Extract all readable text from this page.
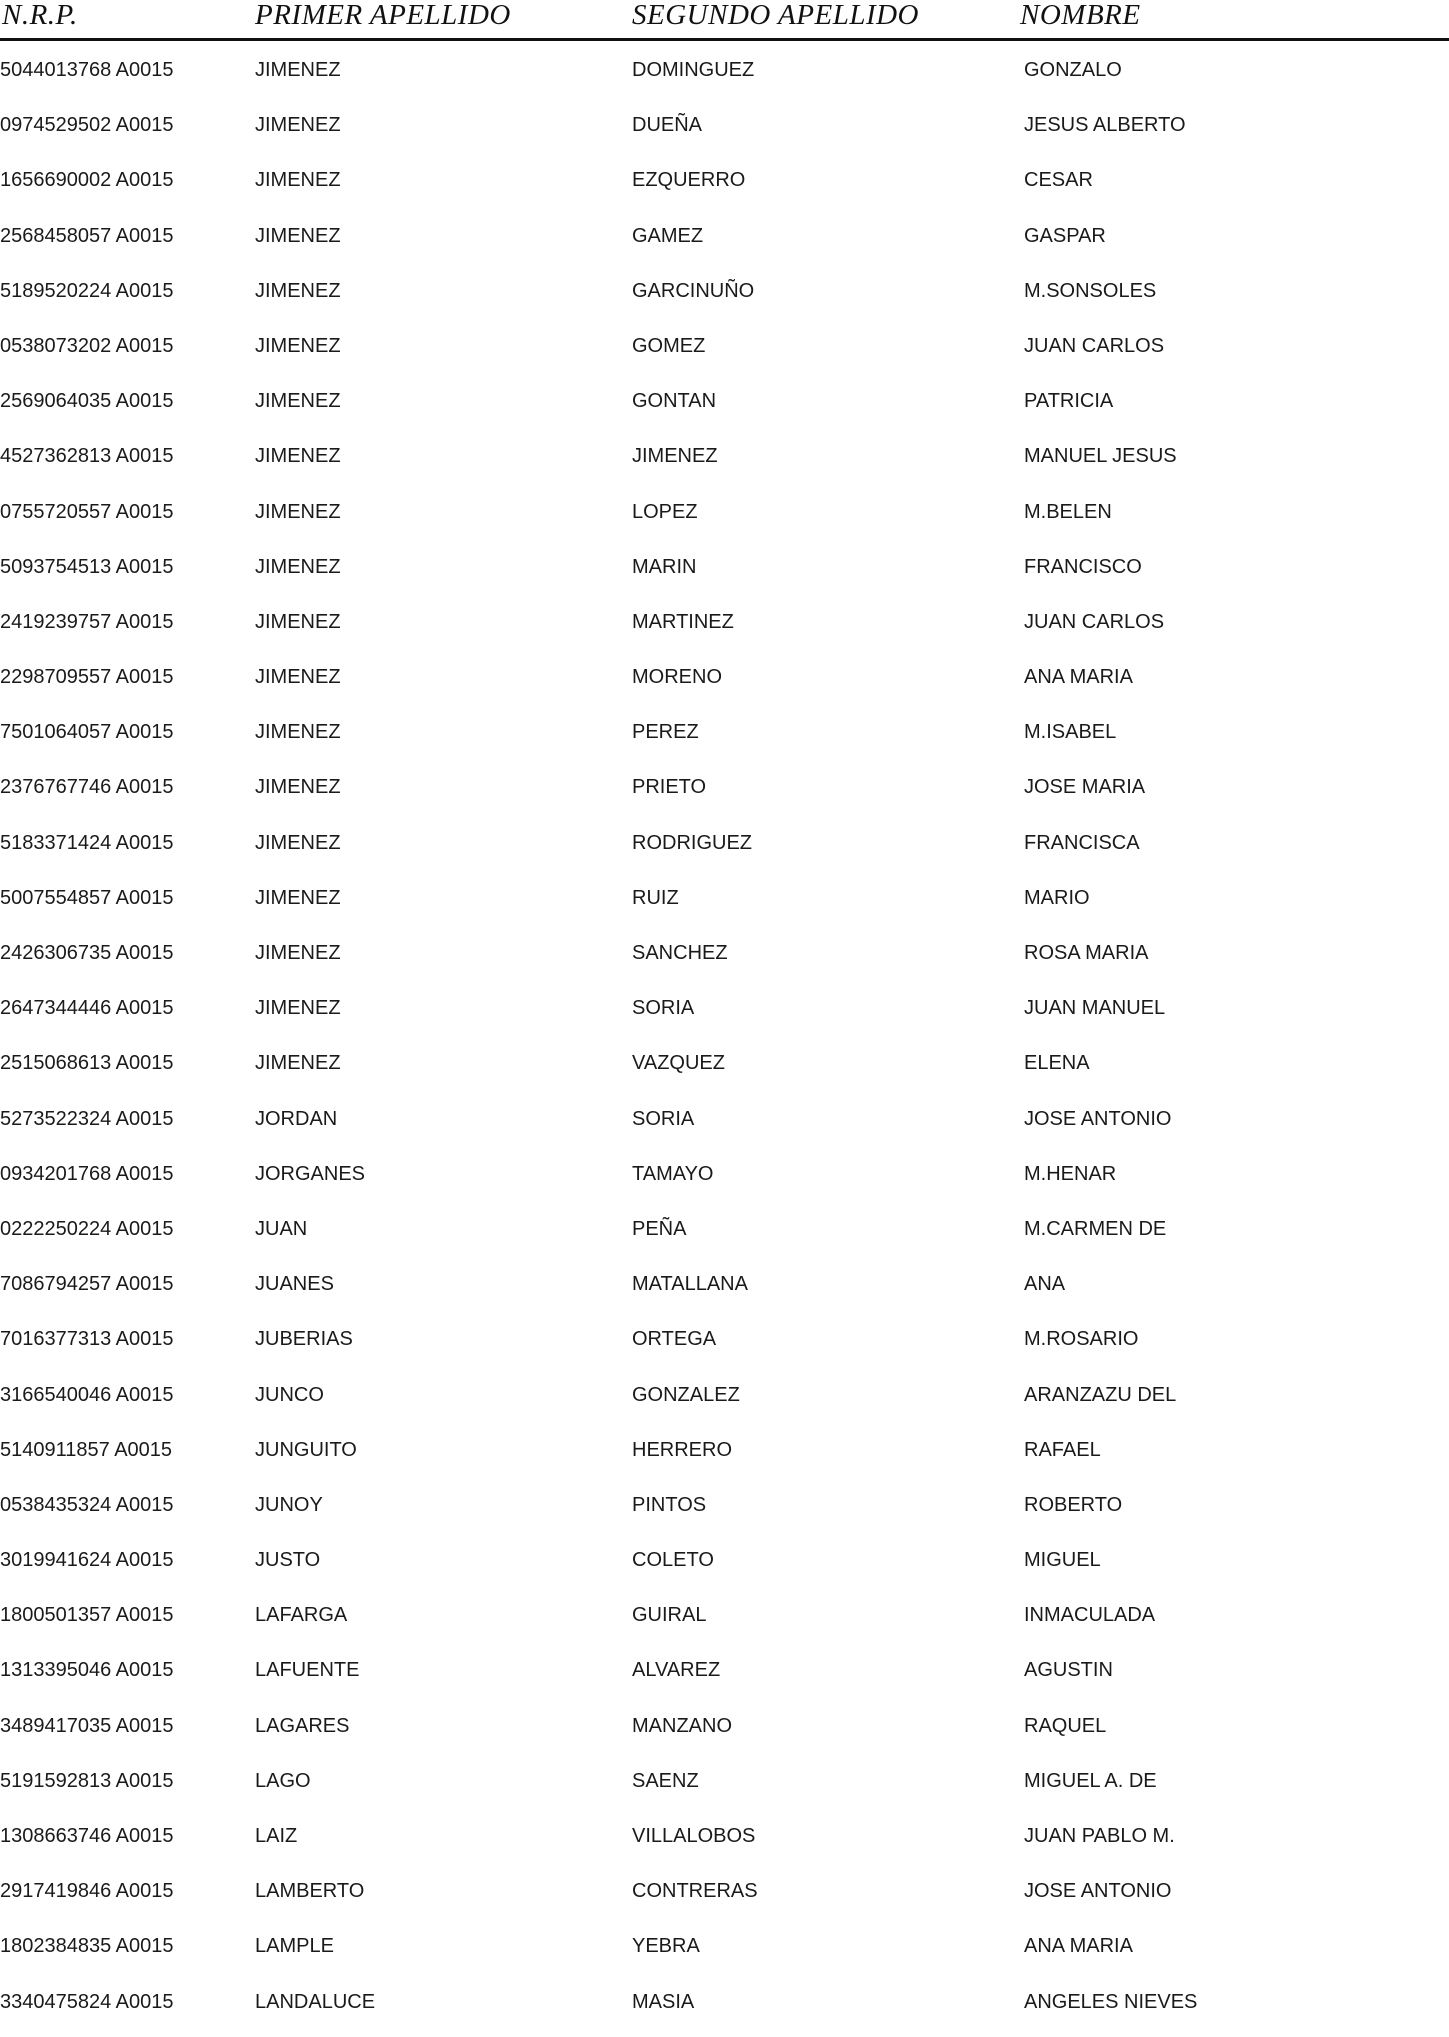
N.R.P.	PRIMER APELLIDO	SEGUNDO APELLIDO	NOMBRE
5044013768 A0015	JIMENEZ	DOMINGUEZ	GONZALO
0974529502 A0015	JIMENEZ	DUEÑA	JESUS ALBERTO
1656690002 A0015	JIMENEZ	EZQUERRO	CESAR
2568458057 A0015	JIMENEZ	GAMEZ	GASPAR
5189520224 A0015	JIMENEZ	GARCINUÑO	M.SONSOLES
0538073202 A0015	JIMENEZ	GOMEZ	JUAN CARLOS
2569064035 A0015	JIMENEZ	GONTAN	PATRICIA
4527362813 A0015	JIMENEZ	JIMENEZ	MANUEL JESUS
0755720557 A0015	JIMENEZ	LOPEZ	M.BELEN
5093754513 A0015	JIMENEZ	MARIN	FRANCISCO
2419239757 A0015	JIMENEZ	MARTINEZ	JUAN CARLOS
2298709557 A0015	JIMENEZ	MORENO	ANA MARIA
7501064057 A0015	JIMENEZ	PEREZ	M.ISABEL
2376767746 A0015	JIMENEZ	PRIETO	JOSE MARIA
5183371424 A0015	JIMENEZ	RODRIGUEZ	FRANCISCA
5007554857 A0015	JIMENEZ	RUIZ	MARIO
2426306735 A0015	JIMENEZ	SANCHEZ	ROSA MARIA
2647344446 A0015	JIMENEZ	SORIA	JUAN MANUEL
2515068613 A0015	JIMENEZ	VAZQUEZ	ELENA
5273522324 A0015	JORDAN	SORIA	JOSE ANTONIO
0934201768 A0015	JORGANES	TAMAYO	M.HENAR
0222250224 A0015	JUAN	PEÑA	M.CARMEN DE
7086794257 A0015	JUANES	MATALLANA	ANA
7016377313 A0015	JUBERIAS	ORTEGA	M.ROSARIO
3166540046 A0015	JUNCO	GONZALEZ	ARANZAZU DEL
5140911857 A0015	JUNGUITO	HERRERO	RAFAEL
0538435324 A0015	JUNOY	PINTOS	ROBERTO
3019941624 A0015	JUSTO	COLETO	MIGUEL
1800501357 A0015	LAFARGA	GUIRAL	INMACULADA
1313395046 A0015	LAFUENTE	ALVAREZ	AGUSTIN
3489417035 A0015	LAGARES	MANZANO	RAQUEL
5191592813 A0015	LAGO	SAENZ	MIGUEL A. DE
1308663746 A0015	LAIZ	VILLALOBOS	JUAN PABLO M.
2917419846 A0015	LAMBERTO	CONTRERAS	JOSE ANTONIO
1802384835 A0015	LAMPLE	YEBRA	ANA MARIA
3340475824 A0015	LANDALUCE	MASIA	ANGELES NIEVES
